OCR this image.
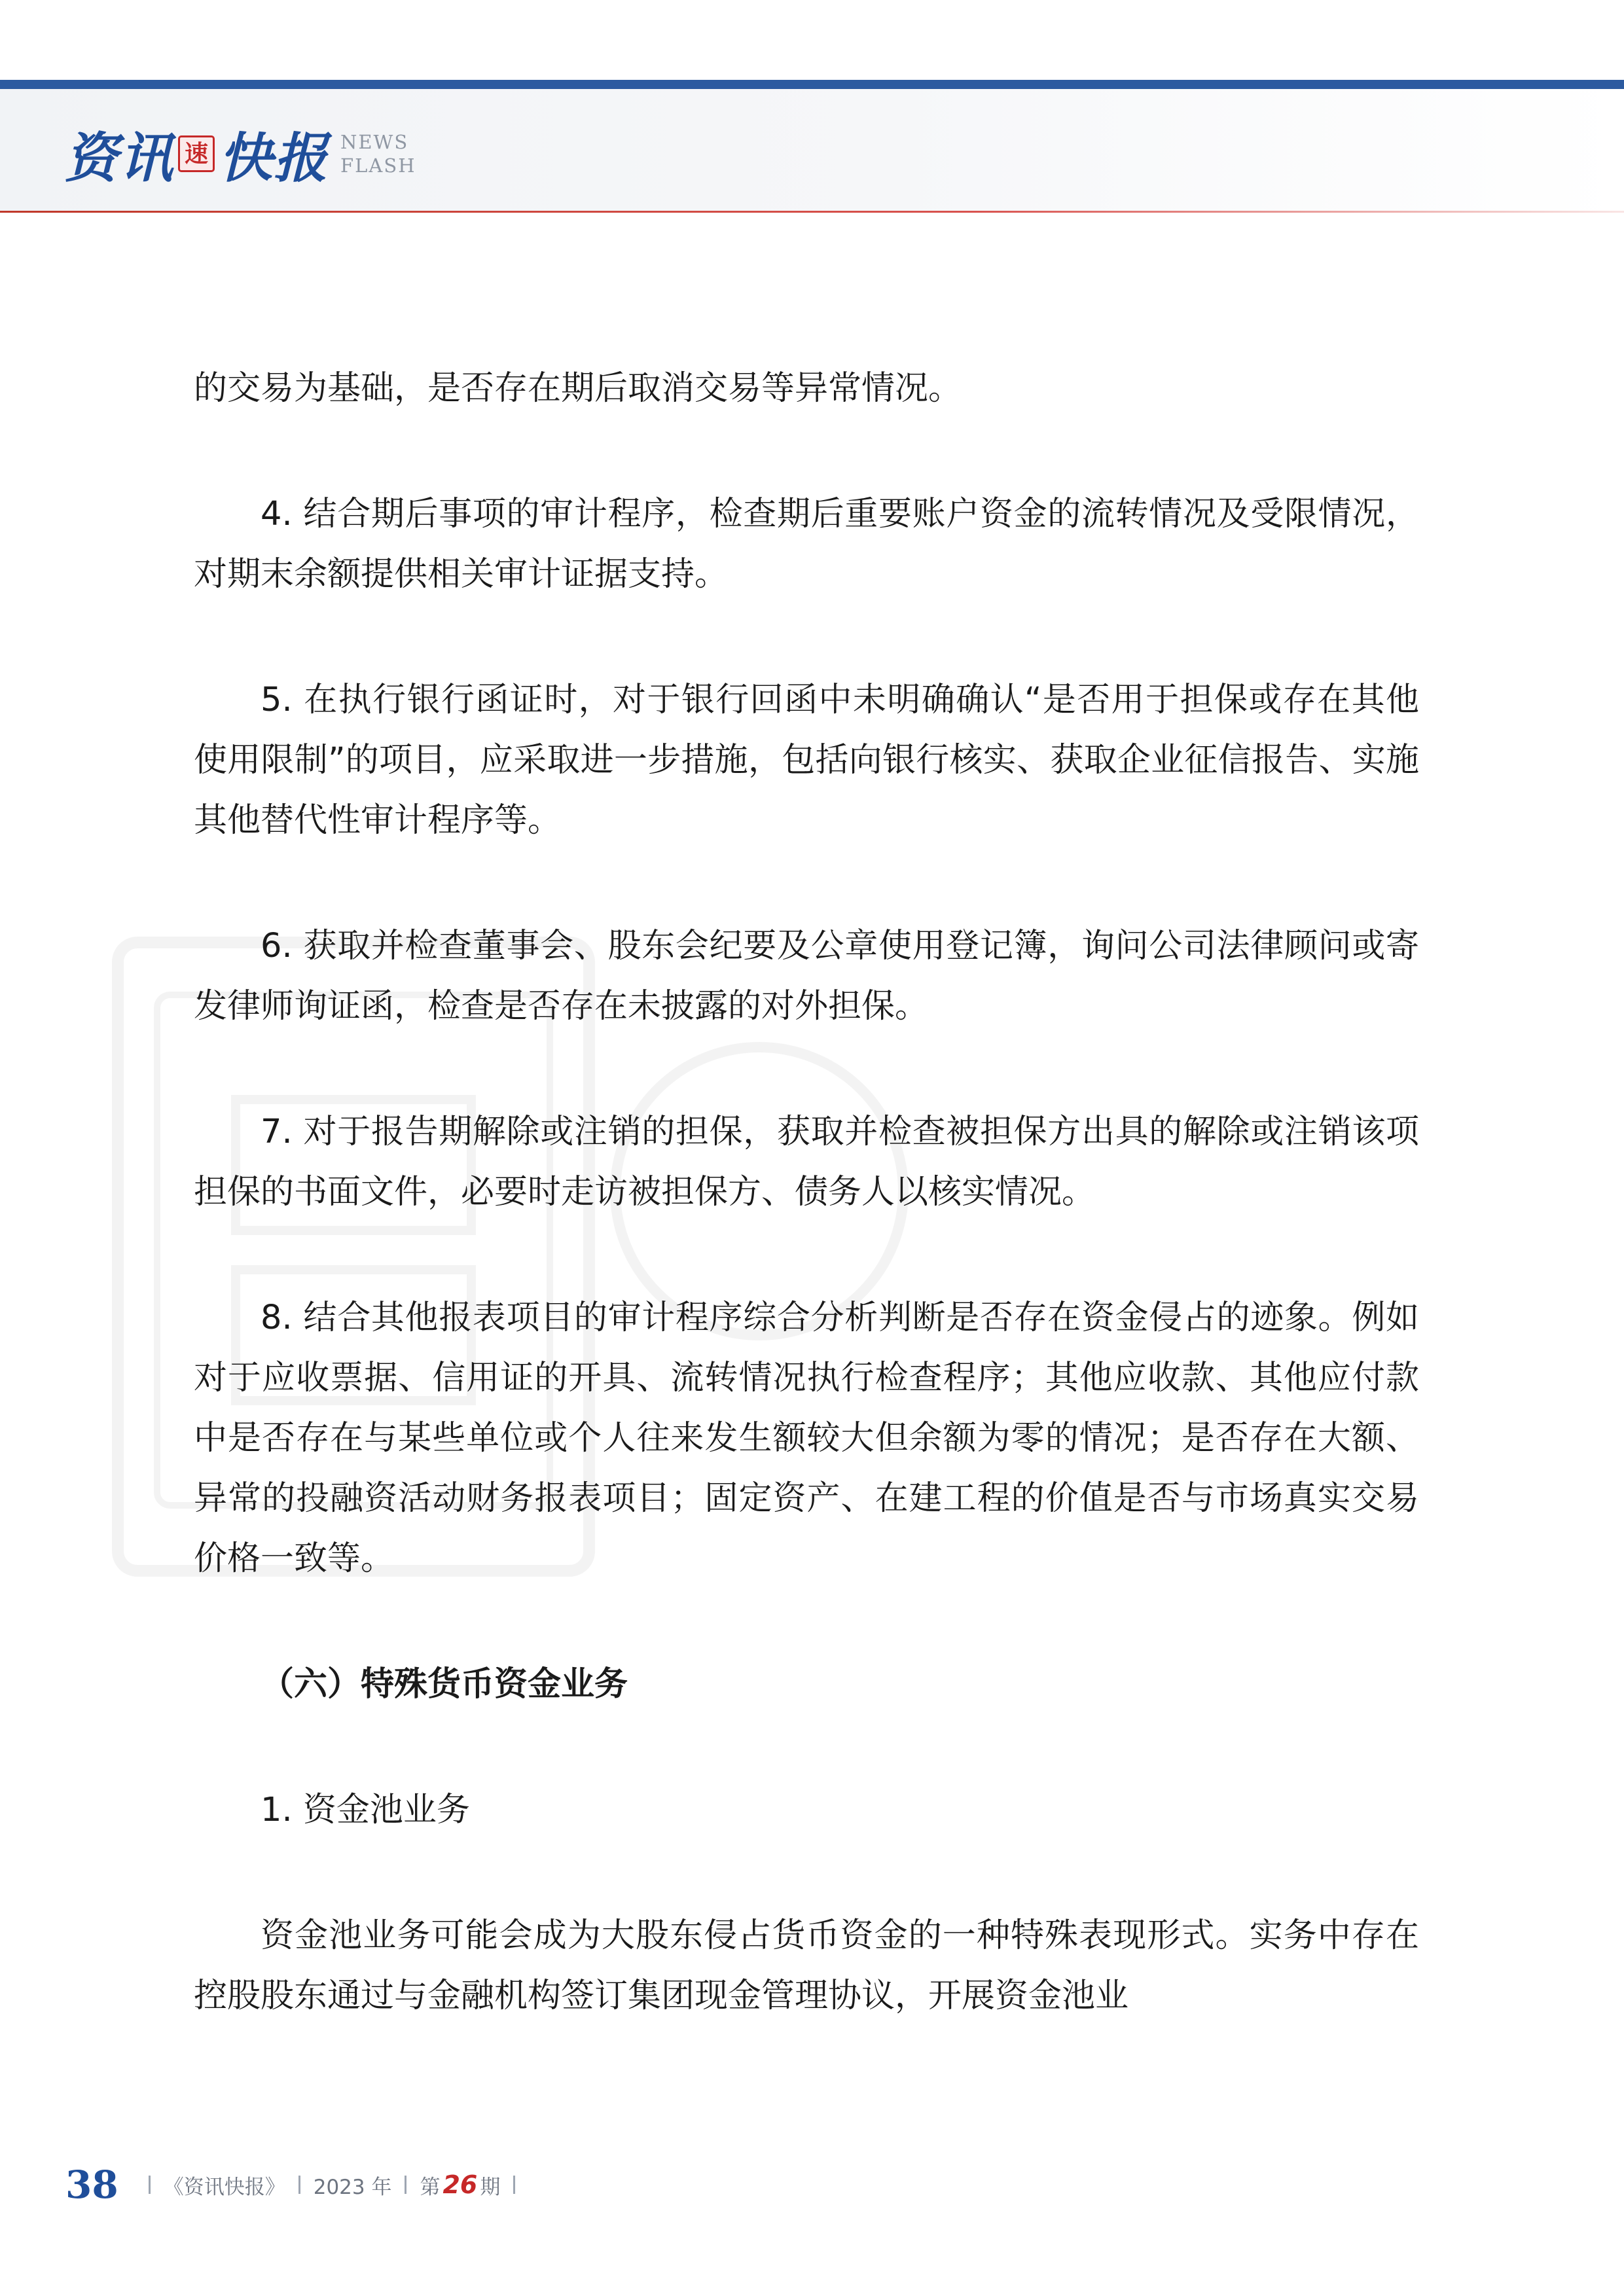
资讯 速 快报 NEWS
FLASH

的交易为基础，是否存在期后取消交易等异常情况。

4. 结合期后事项的审计程序，检查期后重要账户资金的流转情况及受限情况，对期末余额提供相关审计证据支持。

5. 在执行银行函证时，对于银行回函中未明确确认“是否用于担保或存在其他使用限制”的项目，应采取进一步措施，包括向银行核实、获取企业征信报告、实施其他替代性审计程序等。

6. 获取并检查董事会、股东会纪要及公章使用登记簿，询问公司法律顾问或寄发律师询证函，检查是否存在未披露的对外担保。

7. 对于报告期解除或注销的担保，获取并检查被担保方出具的解除或注销该项担保的书面文件，必要时走访被担保方、债务人以核实情况。

8. 结合其他报表项目的审计程序综合分析判断是否存在资金侵占的迹象。例如对于应收票据、信用证的开具、流转情况执行检查程序；其他应收款、其他应付款中是否存在与某些单位或个人往来发生额较大但余额为零的情况；是否存在大额、异常的投融资活动财务报表项目；固定资产、在建工程的价值是否与市场真实交易价格一致等。

（六）特殊货币资金业务

1. 资金池业务

资金池业务可能会成为大股东侵占货币资金的一种特殊表现形式。实务中存在控股股东通过与金融机构签订集团现金管理协议，开展资金池业

38 《资讯快报》 2023 年 第 26 期
